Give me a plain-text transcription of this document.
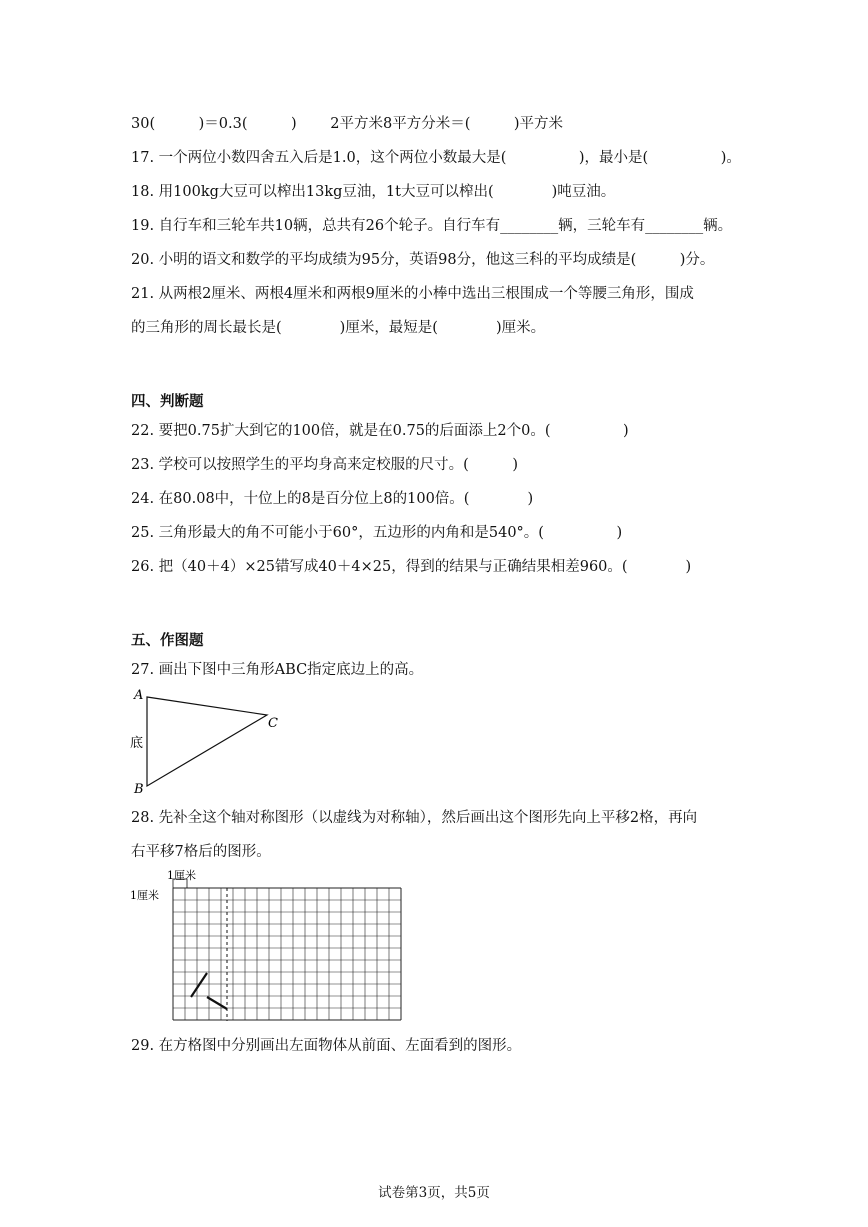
30(　　　)＝0.3(　　　)　　 2平方米8平方分米＝(　　　)平方米
17. 一个两位小数四舍五入后是1.0，这个两位小数最大是(　　　　　)，最小是(　　　　　)。
18. 用100kg大豆可以榨出13kg豆油，1t大豆可以榨出(　　　　)吨豆油。
19. 自行车和三轮车共10辆，总共有26个轮子。自行车有________辆，三轮车有________辆。
20. 小明的语文和数学的平均成绩为95分，英语98分，他这三科的平均成绩是(　　　)分。
21. 从两根2厘米、两根4厘米和两根9厘米的小棒中选出三根围成一个等腰三角形，围成
的三角形的周长最长是(　　　　)厘米，最短是(　　　　)厘米。
四、判断题
22. 要把0.75扩大到它的100倍，就是在0.75的后面添上2个0。(　　　　　)
23. 学校可以按照学生的平均身高来定校服的尺寸。(　　　)
24. 在80.08中，十位上的8是百分位上8的100倍。(　　　　)
25. 三角形最大的角不可能小于60°，五边形的内角和是540°。(　　　　　)
26. 把（40＋4）×25错写成40＋4×25，得到的结果与正确结果相差960。(　　　　)
五、作图题
27. 画出下图中三角形ABC指定底边上的高。
A
B
C
底
28. 先补全这个轴对称图形（以虚线为对称轴），然后画出这个图形先向上平移2格，再向
右平移7格后的图形。
1厘米
1厘米
29. 在方格图中分别画出左面物体从前面、左面看到的图形。
试卷第3页，共5页
